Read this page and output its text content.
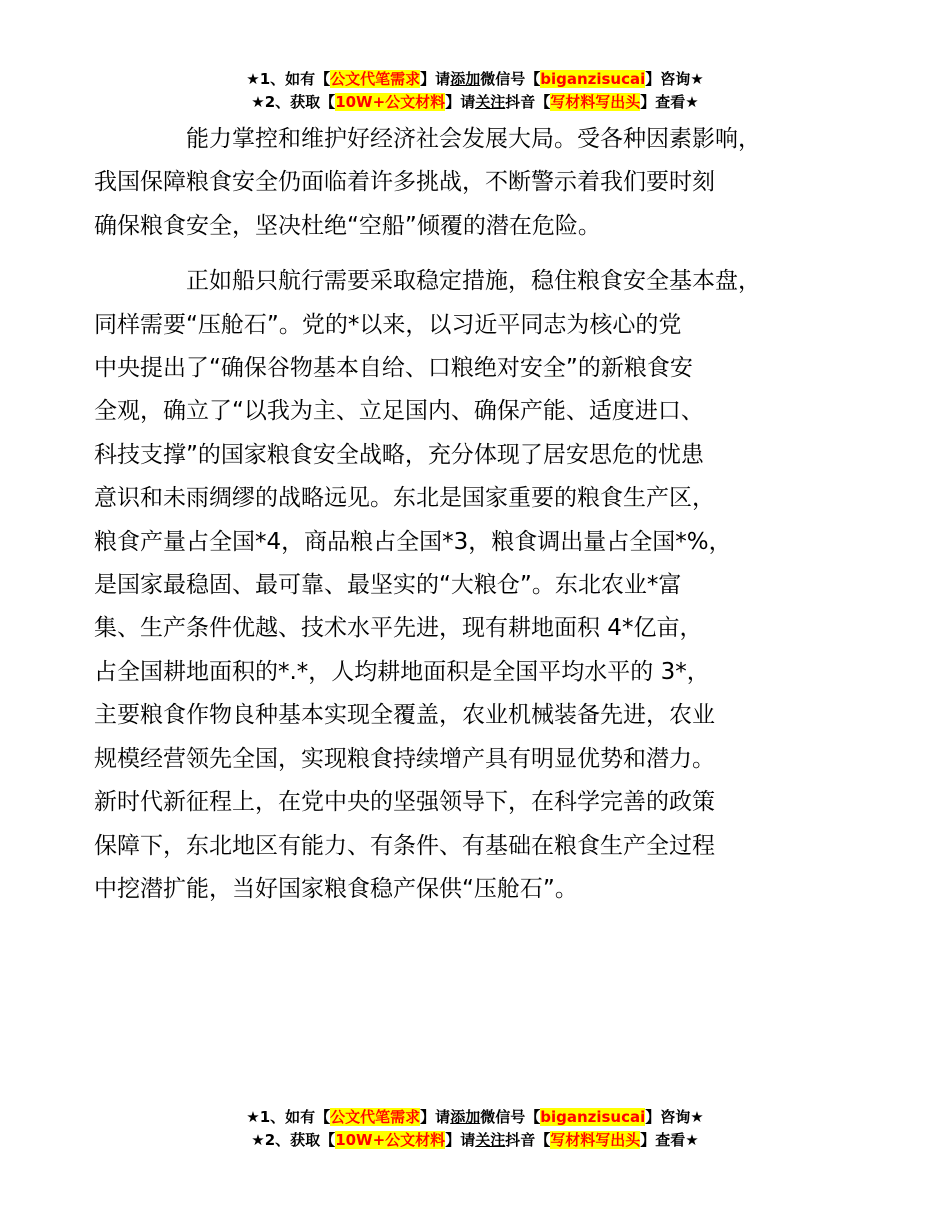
★1、如有【公文代笔需求】请添加微信号【biganzisucai】咨询★
★2、获取【10W+公文材料】请关注抖音【写材料写出头】查看★

能力掌控和维护好经济社会发展大局。受各种因素影响，
我国保障粮食安全仍面临着许多挑战，不断警示着我们要时刻
确保粮食安全，坚决杜绝“空船”倾覆的潜在危险。

正如船只航行需要采取稳定措施，稳住粮食安全基本盘，
同样需要“压舱石”。党的*以来，以习近平同志为核心的党
中央提出了“确保谷物基本自给、口粮绝对安全”的新粮食安
全观，确立了“以我为主、立足国内、确保产能、适度进口、
科技支撑”的国家粮食安全战略，充分体现了居安思危的忧患
意识和未雨绸缪的战略远见。东北是国家重要的粮食生产区，
粮食产量占全国*4，商品粮占全国*3，粮食调出量占全国*%，
是国家最稳固、最可靠、最坚实的“大粮仓”。东北农业*富
集、生产条件优越、技术水平先进，现有耕地面积 4*亿亩，
占全国耕地面积的*.*，人均耕地面积是全国平均水平的 3*，
主要粮食作物良种基本实现全覆盖，农业机械装备先进，农业
规模经营领先全国，实现粮食持续增产具有明显优势和潜力。
新时代新征程上，在党中央的坚强领导下，在科学完善的政策
保障下，东北地区有能力、有条件、有基础在粮食生产全过程
中挖潜扩能，当好国家粮食稳产保供“压舱石”。

★1、如有【公文代笔需求】请添加微信号【biganzisucai】咨询★
★2、获取【10W+公文材料】请关注抖音【写材料写出头】查看★
